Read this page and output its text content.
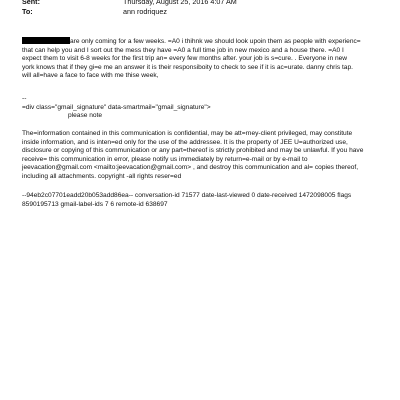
Sent:	Thursday, August 25, 2016 4:07 AM
To:	ann rodriquez
are only coming for a few weeks. =A0 i thihnk we should look upoin them as people with experienc=
that can help you and I sort out the mess they have =A0 a full time job in new mexico and a house there. =A0 I
expect them to visit 6-8 weeks for the first trip an= every few months after. your job is s=cure. . Everyone in new
york knows that if they gi=e me an answer it is their responsiboity to check to see if it is ac=urate. danny chris tap.
will all=have a face to face with me thise week,
--
=div class="gmail_signature" data-smartmail="gmail_signature">
please note
The=information contained in this communication is confidential, may be att=rney-client privileged, may constitute
inside information, and is inten=ed only for the use of the addressee. It is the property of JEE U=authorized use,
disclosure or copying of this communication or any part=thereof is strictly prohibited and may be unlawful. If you have
receive= this communication in error, please notify us immediately by return=e-mail or by e-mail to
jeevacation@gmail.com <mailto:jeevacation@gmail.com> , and destroy this communication and al= copies thereof,
including all attachments. copyright -all rights reser=ed
--94eb2c07701eadd20b053add86ea-- conversation-id 71577 date-last-viewed 0 date-received 1472098005 flags
8590195713 gmail-label-ids 7 6 remote-id 638697
